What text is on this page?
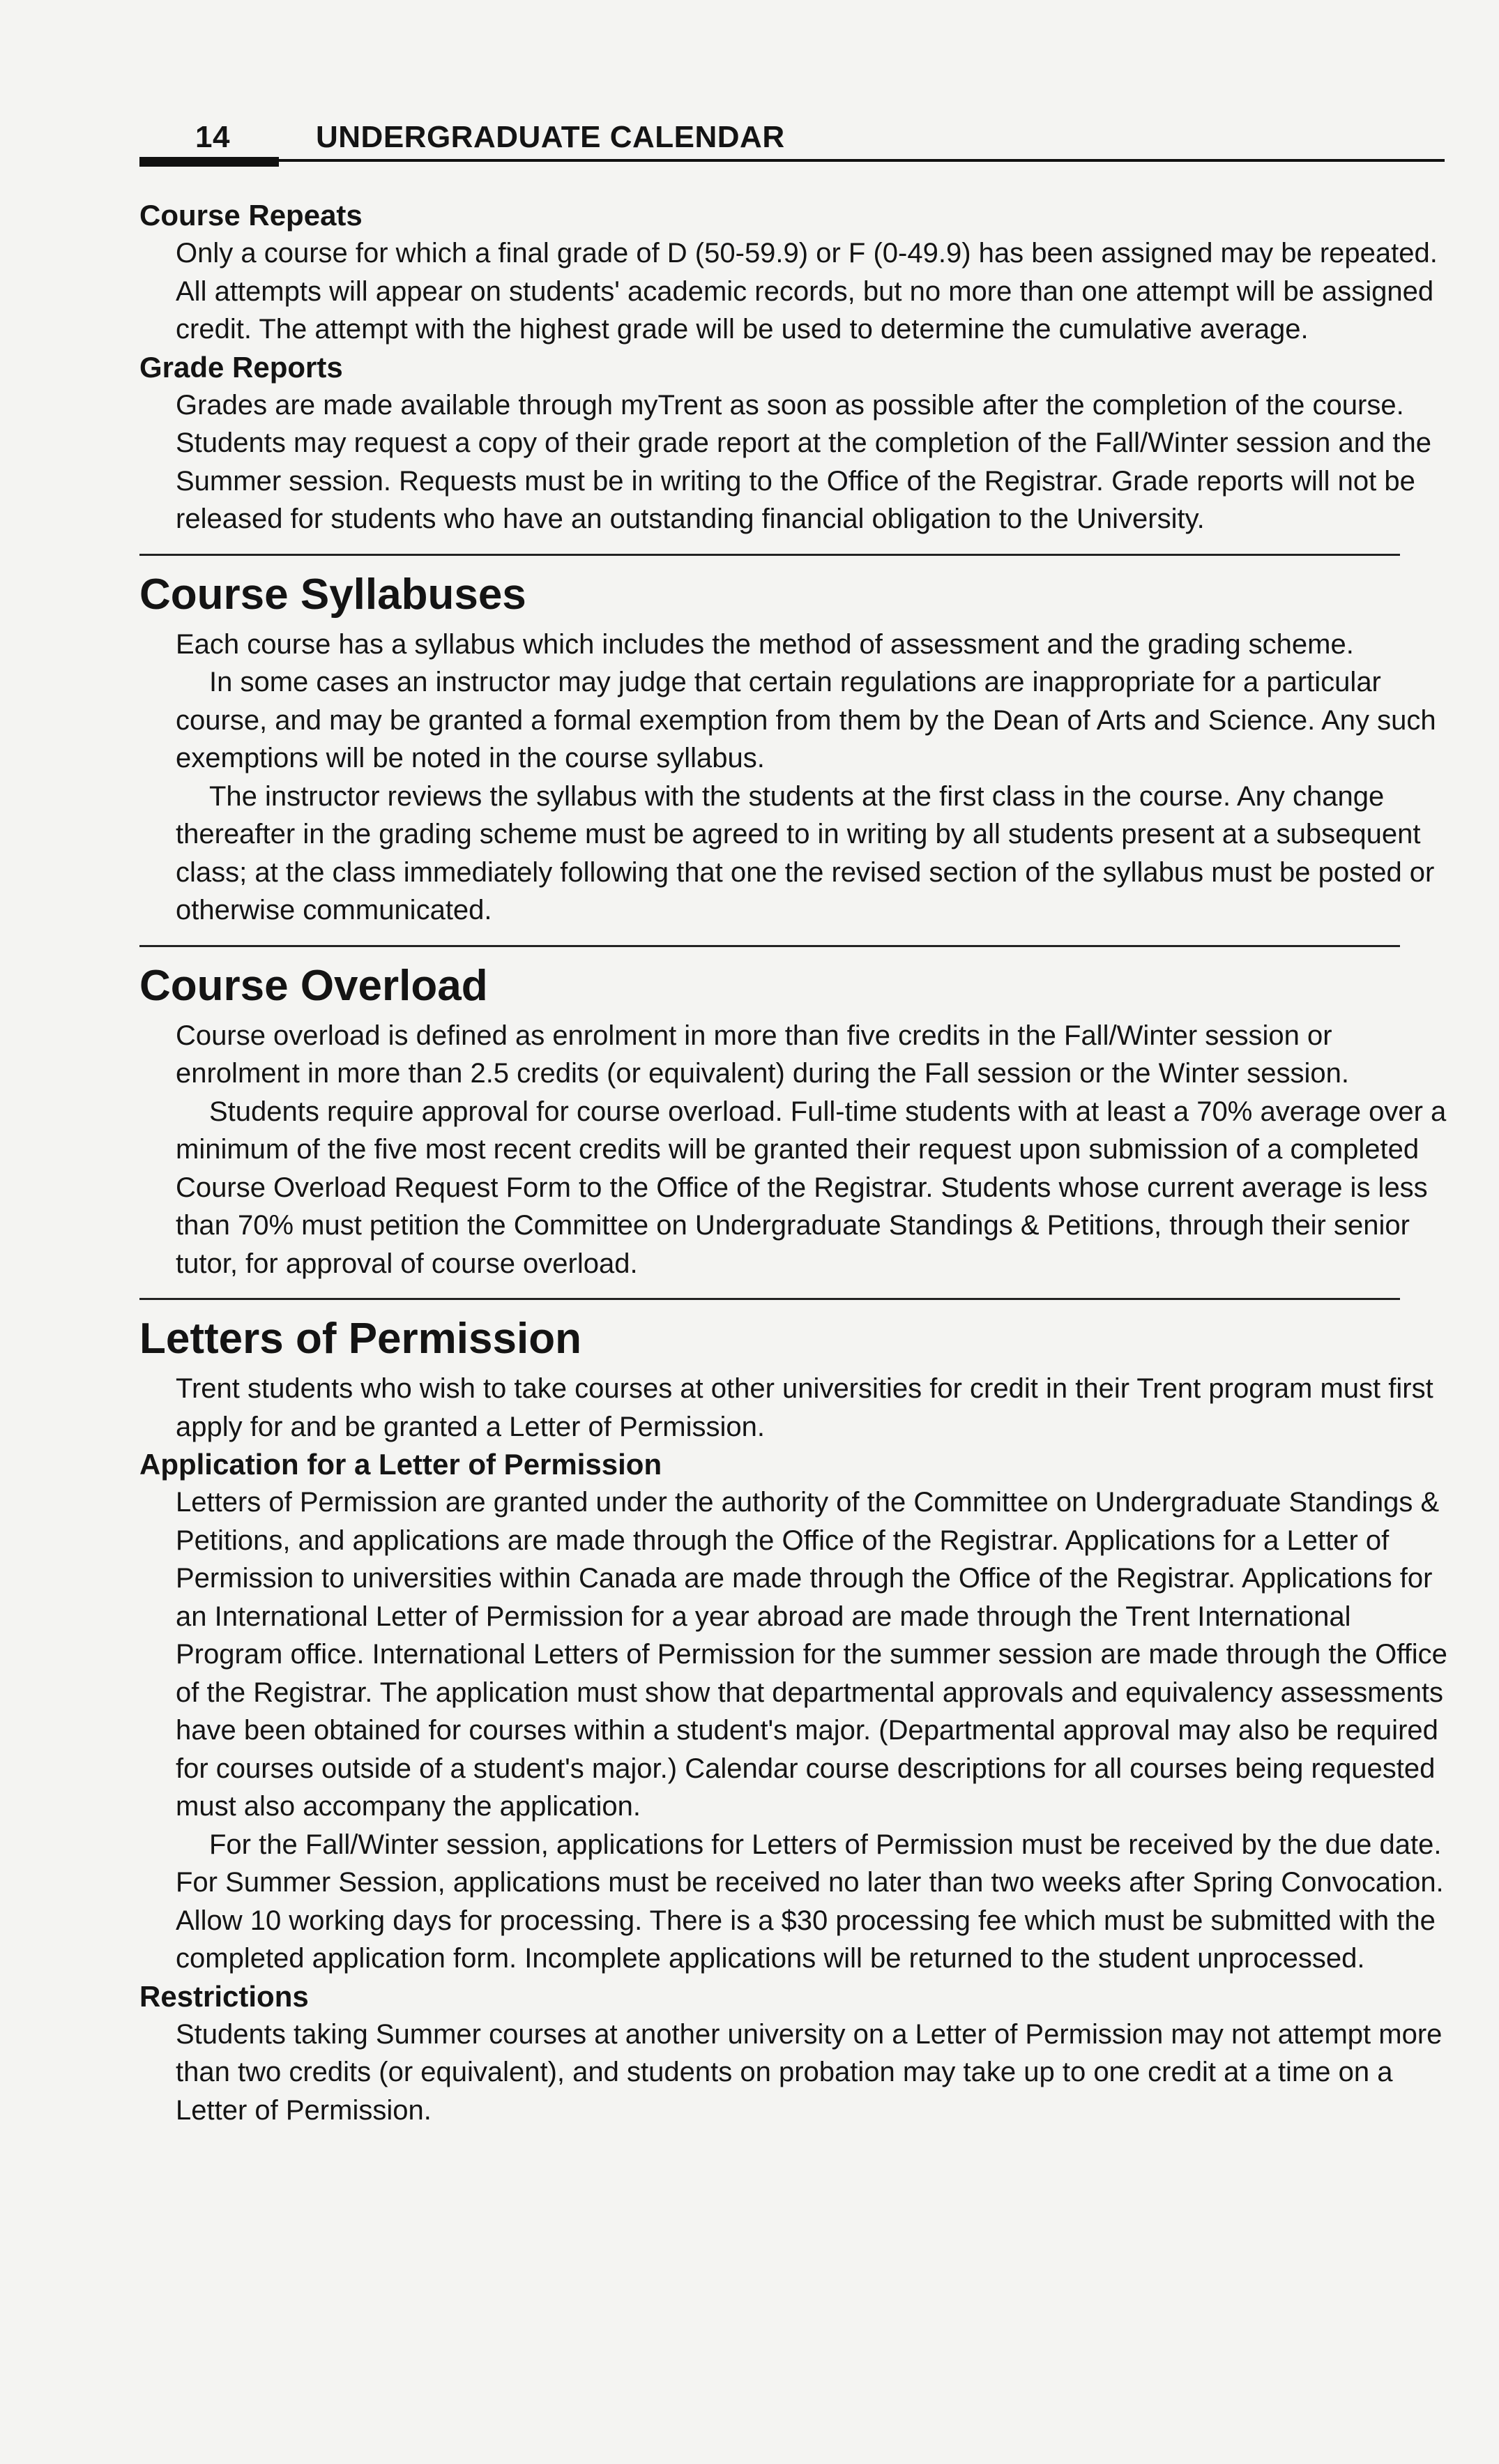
14	UNDERGRADUATE CALENDAR

Course Repeats

Only a course for which a final grade of D (50-59.9) or F (0-49.9) has been assigned may be repeated. All attempts will appear on students' academic records, but no more than one attempt will be assigned credit. The attempt with the highest grade will be used to determine the cumulative average.

Grade Reports

Grades are made available through myTrent as soon as possible after the completion of the course. Students may request a copy of their grade report at the completion of the Fall/Winter session and the Summer session. Requests must be in writing to the Office of the Registrar. Grade reports will not be released for students who have an outstanding financial obligation to the University.

Course Syllabuses

Each course has a syllabus which includes the method of assessment and the grading scheme.

In some cases an instructor may judge that certain regulations are inappropriate for a particular course, and may be granted a formal exemption from them by the Dean of Arts and Science. Any such exemptions will be noted in the course syllabus.

The instructor reviews the syllabus with the students at the first class in the course. Any change thereafter in the grading scheme must be agreed to in writing by all students present at a subsequent class; at the class immediately following that one the revised section of the syllabus must be posted or otherwise communicated.

Course Overload

Course overload is defined as enrolment in more than five credits in the Fall/Winter session or enrolment in more than 2.5 credits (or equivalent) during the Fall session or the Winter session.

Students require approval for course overload. Full-time students with at least a 70% average over a minimum of the five most recent credits will be granted their request upon submission of a completed Course Overload Request Form to the Office of the Registrar. Students whose current average is less than 70% must petition the Committee on Undergraduate Standings & Petitions, through their senior tutor, for approval of course overload.

Letters of Permission

Trent students who wish to take courses at other universities for credit in their Trent program must first apply for and be granted a Letter of Permission.

Application for a Letter of Permission

Letters of Permission are granted under the authority of the Committee on Undergraduate Standings & Petitions, and applications are made through the Office of the Registrar. Applications for a Letter of Permission to universities within Canada are made through the Office of the Registrar. Applications for an International Letter of Permission for a year abroad are made through the Trent International Program office. International Letters of Permission for the summer session are made through the Office of the Registrar. The application must show that departmental approvals and equivalency assessments have been obtained for courses within a student's major. (Departmental approval may also be required for courses outside of a student's major.) Calendar course descriptions for all courses being requested must also accompany the application.

For the Fall/Winter session, applications for Letters of Permission must be received by the due date. For Summer Session, applications must be received no later than two weeks after Spring Convocation. Allow 10 working days for processing. There is a $30 processing fee which must be submitted with the completed application form. Incomplete applications will be returned to the student unprocessed.

Restrictions

Students taking Summer courses at another university on a Letter of Permission may not attempt more than two credits (or equivalent), and students on probation may take up to one credit at a time on a Letter of Permission.
